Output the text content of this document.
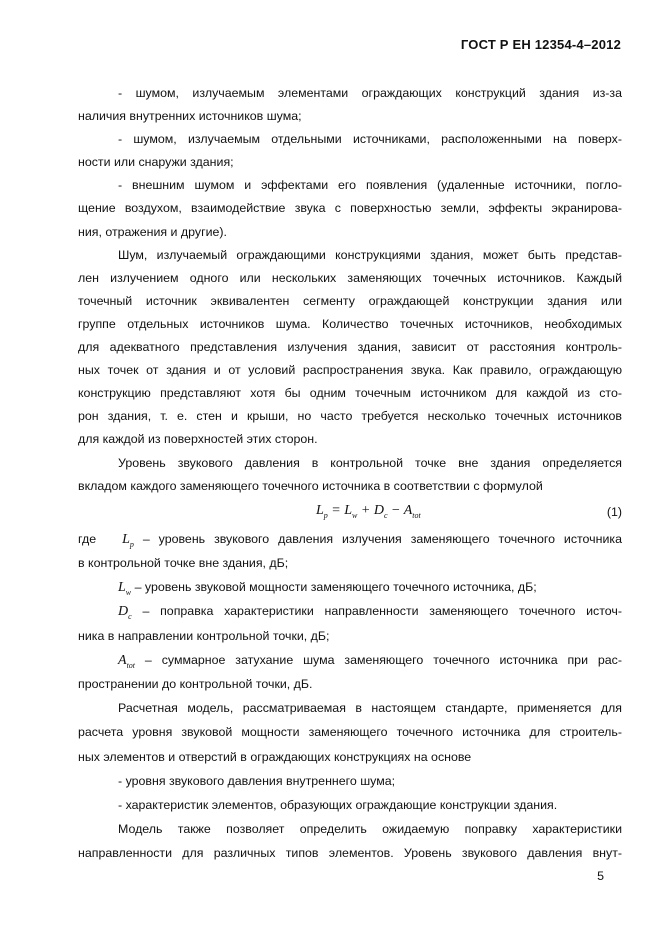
ГОСТ Р ЕН 12354-4–2012
- шумом, излучаемым элементами ограждающих конструкций здания из-за
наличия внутренних источников шума;
- шумом, излучаемым отдельными источниками, расположенными на поверх-
ности или снаружи здания;
- внешним шумом и эффектами его появления (удаленные источники, погло-
щение воздухом, взаимодействие звука с поверхностью земли, эффекты экранирова-
ния, отражения и другие).
Шум, излучаемый ограждающими конструкциями здания, может быть представ-
лен излучением одного или нескольких заменяющих точечных источников. Каждый
точечный источник эквивалентен сегменту ограждающей конструкции здания или
группе отдельных источников шума. Количество точечных источников, необходимых
для адекватного представления излучения здания, зависит от расстояния контроль-
ных точек от здания и от условий распространения звука. Как правило, ограждающую
конструкцию представляют хотя бы одним точечным источником для каждой из сто-
рон здания, т. е. стен и крыши, но часто требуется несколько точечных источников
для каждой из поверхностей этих сторон.
Уровень звукового давления в контрольной точке вне здания определяется
вкладом каждого заменяющего точечного источника в соответствии с формулой
$L_p = L_w + D_c - A_{tot}$	(1)
где $L_p$ – уровень звукового давления излучения заменяющего точечного источника
в контрольной точке вне здания, дБ;
$L_w$ – уровень звуковой мощности заменяющего точечного источника, дБ;
$D_c$ – поправка характеристики направленности заменяющего точечного источ-
ника в направлении контрольной точки, дБ;
$A_{tot}$ – суммарное затухание шума заменяющего точечного источника при рас-
пространении до контрольной точки, дБ.
Расчетная модель, рассматриваемая в настоящем стандарте, применяется для
расчета уровня звуковой мощности заменяющего точечного источника для строитель-
ных элементов и отверстий в ограждающих конструкциях на основе
- уровня звукового давления внутреннего шума;
- характеристик элементов, образующих ограждающие конструкции здания.
Модель также позволяет определить ожидаемую поправку характеристики
направленности для различных типов элементов. Уровень звукового давления внут-
5
